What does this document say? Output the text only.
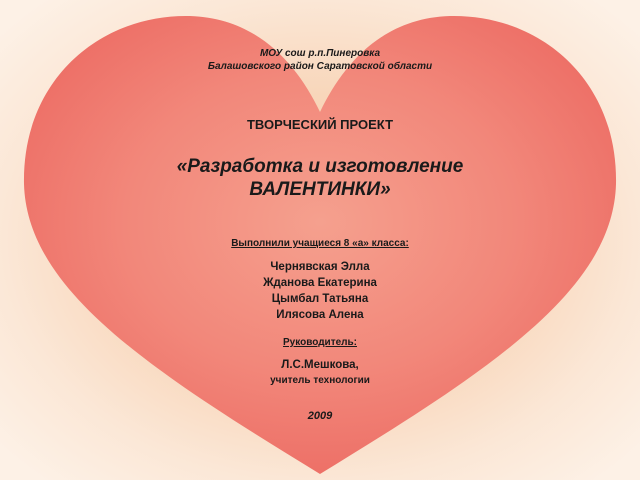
МОУ сош р.п.Пинеровка
Балашовского район Саратовской области
ТВОРЧЕСКИЙ ПРОЕКТ
«Разработка и изготовление
ВАЛЕНТИНКИ»
Выполнили учащиеся 8 «а» класса:
Чернявская Элла
Жданова Екатерина
Цымбал Татьяна
Илясова Алена
Руководитель:
Л.С.Мешкова,
учитель технологии
2009
